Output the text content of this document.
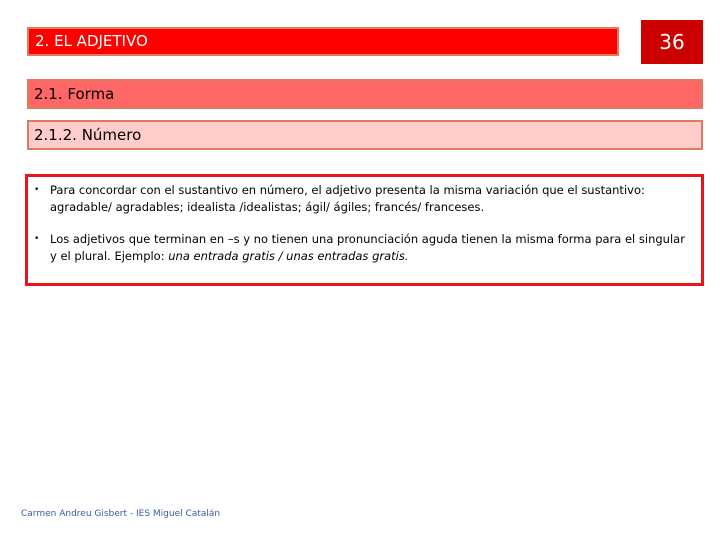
2. EL ADJETIVO	36
2.1. Forma
2.1.2. Número
• Para concordar con el sustantivo en número, el adjetivo presenta la misma variación que el sustantivo: agradable/ agradables; idealista /idealistas; ágil/ ágiles; francés/ franceses.

• Los adjetivos que terminan en –s y no tienen una pronunciación aguda tienen la misma forma para el singular y el plural. Ejemplo: una entrada gratis / unas entradas gratis.

Carmen Andreu Gisbert - IES Miguel Catalán
